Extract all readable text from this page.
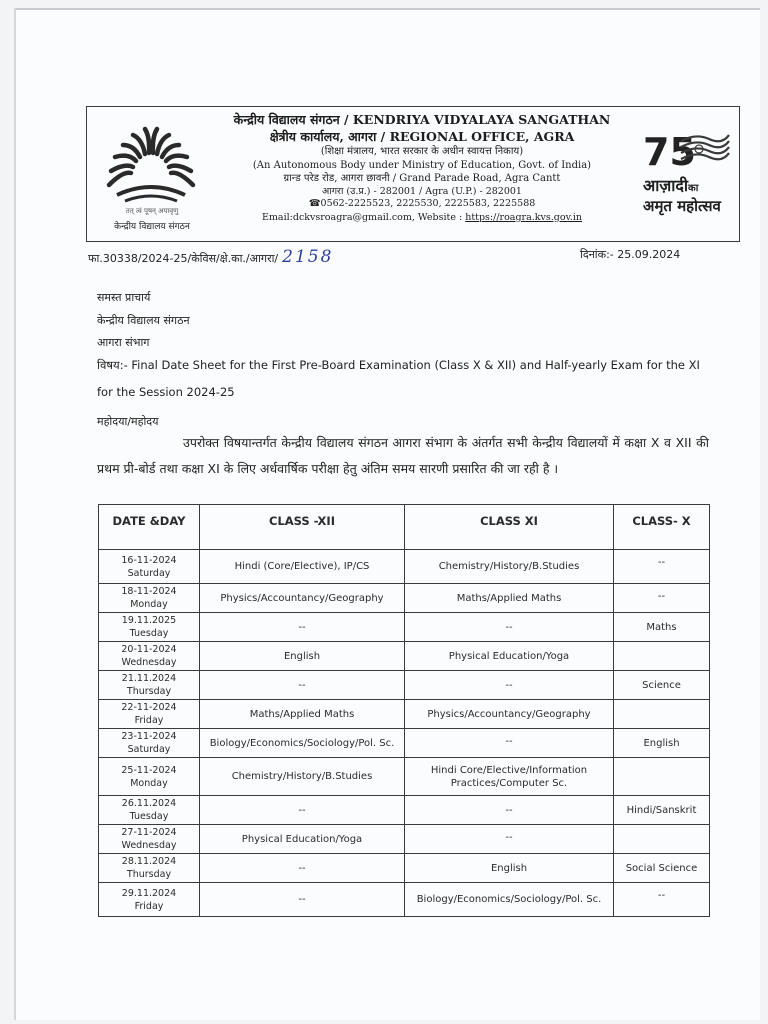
तत् त्वं पूषन् अपावृणु
केन्द्रीय विद्यालय संगठन
केन्द्रीय विद्यालय संगठन / KENDRIYA VIDYALAYA SANGATHAN
क्षेत्रीय कार्यालय, आगरा / REGIONAL OFFICE, AGRA
(शिक्षा मंत्रालय, भारत सरकार के अधीन स्वायत्त निकाय)
(An Autonomous Body under Ministry of Education, Govt. of India)
ग्रान्ड परेड रोड, आगरा छावनी / Grand Parade Road, Agra Cantt
आगरा (उ.प्र.) - 282001 / Agra (U.P.) - 282001
☎0562-2225523, 2225530, 2225583, 2225588
Email:dckvsroagra@gmail.com, Website : https://roagra.kvs.gov.in
75
आज़ादीका
अमृत महोत्सव
फा.30338/2024-25/केविस/क्षे.का./आगरा/ 2158	दिनांक:- 25.09.2024
समस्त प्राचार्य
केन्द्रीय विद्यालय संगठन
आगरा संभाग
विषय:- Final Date Sheet for the First Pre-Board Examination (Class X & XII) and Half-yearly Exam for the XI for the Session 2024-25
महोदया/महोदय
उपरोक्त विषयान्तर्गत केन्द्रीय विद्यालय संगठन आगरा संभाग के अंतर्गत सभी केन्द्रीय विद्यालयों में कक्षा X व XII की प्रथम प्री-बोर्ड तथा कक्षा XI के लिए अर्धवार्षिक परीक्षा हेतु अंतिम समय सारणी प्रसारित की जा रही है ।
DATE &DAY	CLASS -XII	CLASS XI	CLASS- X

16-11-2024
Saturday	Hindi (Core/Elective), IP/CS	Chemistry/History/B.Studies	--

18-11-2024
Monday	Physics/Accountancy/Geography	Maths/Applied Maths	--

19.11.2025
Tuesday	--	--	Maths

20-11-2024
Wednesday	English	Physical Education/Yoga	

21.11.2024
Thursday	--	--	Science

22-11-2024
Friday	Maths/Applied Maths	Physics/Accountancy/Geography	

23-11-2024
Saturday	Biology/Economics/Sociology/Pol. Sc.	--	English

25-11-2024
Monday	Chemistry/History/B.Studies	Hindi Core/Elective/Information Practices/Computer Sc.	

26.11.2024
Tuesday	--	--	Hindi/Sanskrit

27-11-2024
Wednesday	Physical Education/Yoga	--	

28.11.2024
Thursday	--	English	Social Science

29.11.2024
Friday	--	Biology/Economics/Sociology/Pol. Sc.	--
